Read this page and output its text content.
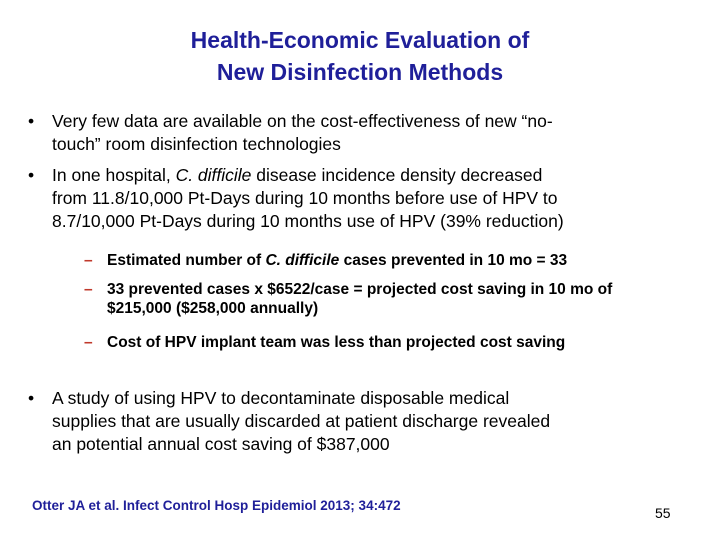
Health-Economic Evaluation of
New Disinfection Methods
• Very few data are available on the cost-effectiveness of new “no-
touch” room disinfection technologies
• In one hospital, C. difficile disease incidence density decreased
from 11.8/10,000 Pt-Days during 10 months before use of HPV to
8.7/10,000 Pt-Days during 10 months use of HPV (39% reduction)
– Estimated number of C. difficile cases prevented in 10 mo = 33
– 33 prevented cases x $6522/case = projected cost saving in 10 mo of
$215,000 ($258,000 annually)
– Cost of HPV implant team was less than projected cost saving
• A study of using HPV to decontaminate disposable medical
supplies that are usually discarded at patient discharge revealed
an potential annual cost saving of $387,000
Otter JA et al. Infect Control Hosp Epidemiol 2013; 34:472	55
